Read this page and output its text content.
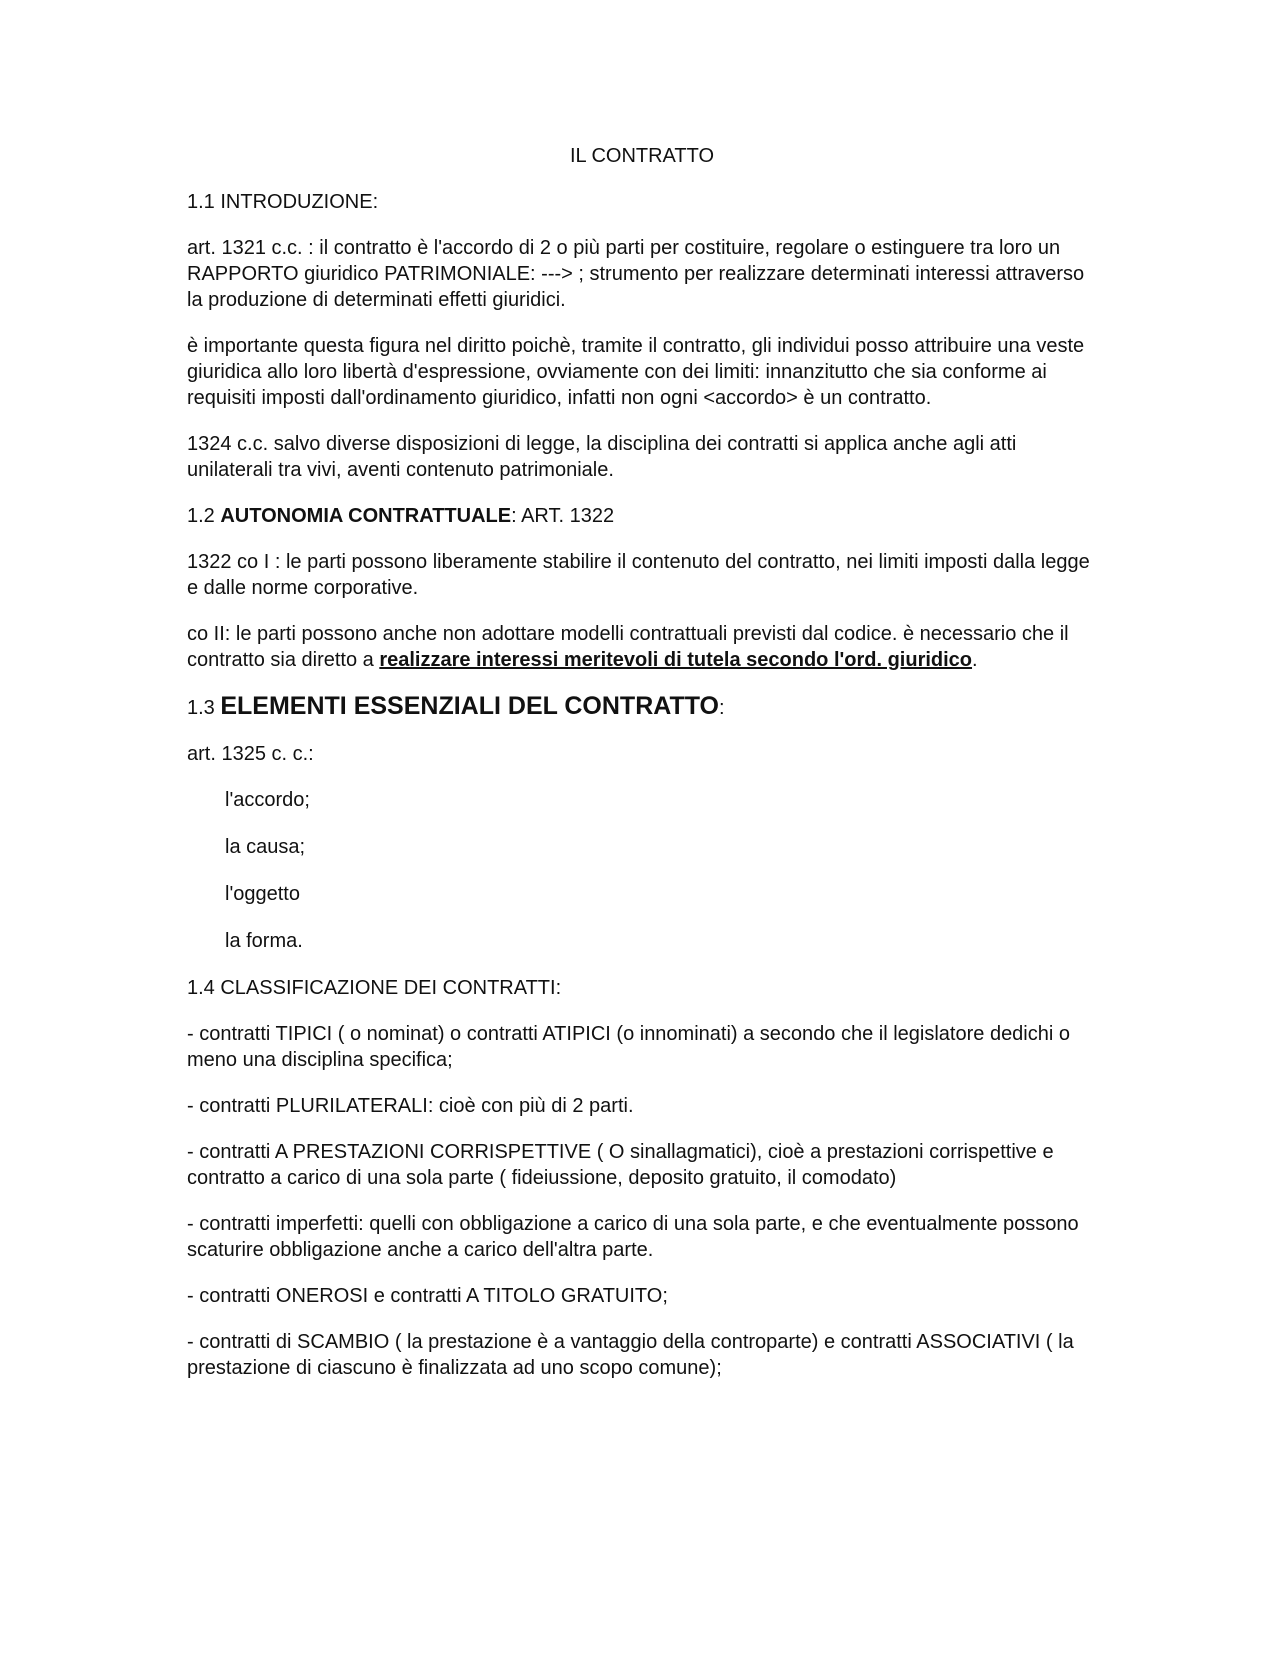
IL CONTRATTO

1.1 INTRODUZIONE:

art. 1321 c.c. : il contratto è l'accordo di 2 o più parti per costituire, regolare o estinguere tra loro un RAPPORTO giuridico PATRIMONIALE: ---> ; strumento per realizzare determinati interessi attraverso la produzione di determinati effetti giuridici.

è importante questa figura nel diritto poichè, tramite il contratto, gli individui posso attribuire una veste giuridica allo loro libertà d'espressione, ovviamente con dei limiti: innanzitutto che sia conforme ai requisiti imposti dall'ordinamento giuridico, infatti non ogni <accordo> è un contratto.

1324 c.c. salvo diverse disposizioni di legge, la disciplina dei contratti si applica anche agli atti unilaterali tra vivi, aventi contenuto patrimoniale.

1.2 AUTONOMIA CONTRATTUALE: ART. 1322

1322 co I : le parti possono liberamente stabilire il contenuto del contratto, nei limiti imposti dalla legge e dalle norme corporative.

co II: le parti possono anche non adottare modelli contrattuali previsti dal codice. è necessario che il contratto sia diretto a realizzare interessi meritevoli di tutela secondo l'ord. giuridico.

1.3 ELEMENTI ESSENZIALI DEL CONTRATTO:

art. 1325 c. c.:

l'accordo;
la causa;
l'oggetto
la forma.

1.4 CLASSIFICAZIONE DEI CONTRATTI:

- contratti TIPICI ( o nominat) o contratti ATIPICI (o innominati) a secondo che il legislatore dedichi o meno una disciplina specifica;

- contratti PLURILATERALI: cioè con più di 2 parti.

- contratti A PRESTAZIONI CORRISPETTIVE ( O sinallagmatici), cioè a prestazioni corrispettive e contratto a carico di una sola parte ( fideiussione, deposito gratuito, il comodato)

- contratti imperfetti: quelli con obbligazione a carico di una sola parte, e che eventualmente possono scaturire obbligazione anche a carico dell'altra parte.

- contratti ONEROSI e contratti A TITOLO GRATUITO;

- contratti di SCAMBIO ( la prestazione è a vantaggio della controparte) e contratti ASSOCIATIVI ( la prestazione di ciascuno è finalizzata ad uno scopo comune);
